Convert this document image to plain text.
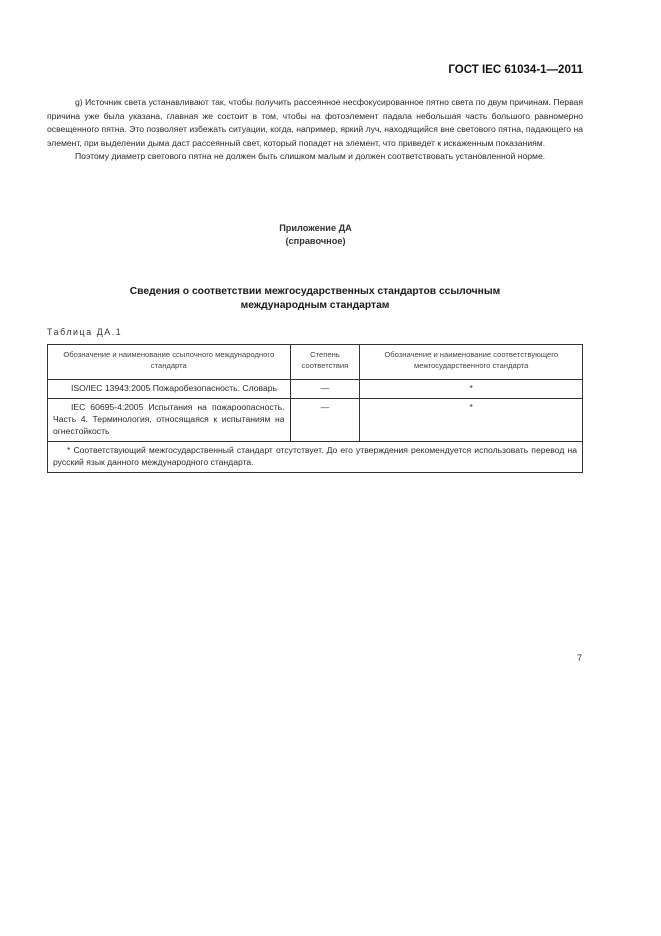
ГОСТ IEC 61034-1—2011

g) Источник света устанавливают так, чтобы получить рассеянное несфокусированное пятно света по двум причинам. Первая причина уже была указана, главная же состоит в том, чтобы на фотоэлемент падала небольшая часть большого равномерно освещенного пятна. Это позволяет избежать ситуации, когда, например, яркий луч, находящийся вне светового пятна, падающего на элемент, при выделении дыма даст рассеянный свет, который попадет на элемент, что приведет к искаженным показаниям.

Поэтому диаметр светового пятна не должен быть слишком малым и должен соответствовать установленной норме.

Приложение ДА
(справочное)
Сведения о соответствии межгосударственных стандартов ссылочным
международным стандартам
Таблица ДА.1
Обозначение и наименование ссылочного международного стандарта	Степень соответствия	Обозначение и наименование соответствующего межгосударственного стандарта
ISO/IEC 13943:2005 Пожаробезопасность. Словарь	—	*
IEC 60695-4:2005 Испытания на пожароопасность. Часть 4. Терминология, относящаяся к испытаниям на огнестойкость	—	*
* Соответствующий межгосударственный стандарт отсутствует. До его утверждения рекомендуется использовать перевод на русский язык данного международного стандарта.		
7
